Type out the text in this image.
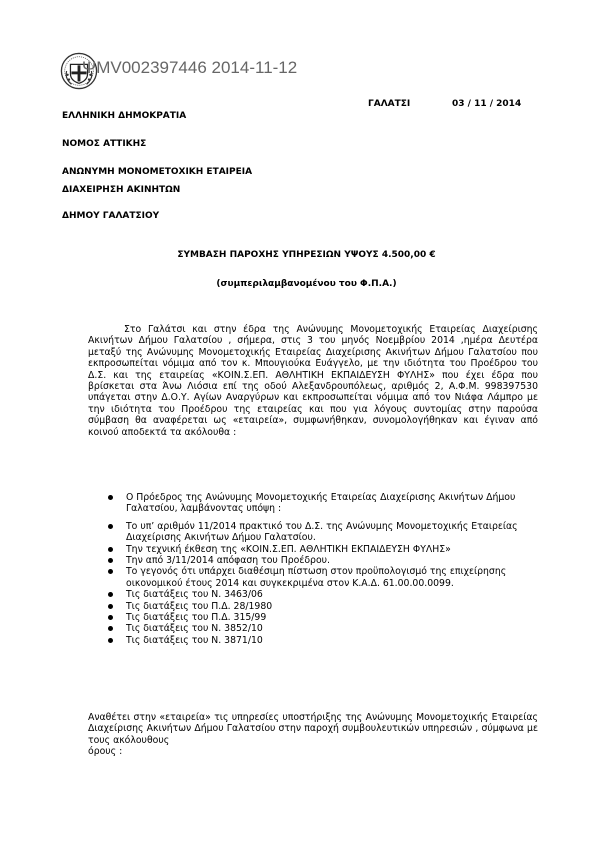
ΨΜV002397446 2014-11-12
ΓΑΛΑΤΣΙ	03 / 11 / 2014
ΕΛΛΗΝΙΚΗ ΔΗΜΟΚΡΑΤΙΑ
ΝΟΜΟΣ ΑΤΤΙΚΗΣ
ΑΝΩΝΥΜΗ ΜΟΝΟΜΕΤΟΧΙΚΗ ΕΤΑΙΡΕΙΑ
ΔΙΑΧΕΙΡΗΣΗ ΑΚΙΝΗΤΩΝ
ΔΗΜΟΥ ΓΑΛΑΤΣΙΟΥ
ΣΥΜΒΑΣΗ ΠΑΡΟΧΗΣ ΥΠΗΡΕΣΙΩΝ ΥΨΟΥΣ 4.500,00 €
(συμπεριλαμβανομένου του Φ.Π.Α.)

Στο Γαλάτσι και στην έδρα της Ανώνυμης Μονομετοχικής Εταιρείας Διαχείρισης Ακινήτων Δήμου Γαλατσίου , σήμερα, στις 3 του μηνός Νοεμβρίου 2014 ,ημέρα Δευτέρα μεταξύ της Ανώνυμης Μονομετοχικής Εταιρείας Διαχείρισης Ακινήτων Δήμου Γαλατσίου που εκπροσωπείται νόμιμα από τον κ. Μπουγιούκα Ευάγγελο, με την ιδιότητα του Προέδρου του Δ.Σ. και της εταιρείας «ΚΟΙΝ.Σ.ΕΠ. ΑΘΛΗΤΙΚΗ ΕΚΠΑΙΔΕΥΣΗ ΦΥΛΗΣ» που έχει έδρα που βρίσκεται στα Άνω Λιόσια επί της οδού Αλεξανδρουπόλεως, αριθμός 2, Α.Φ.Μ. 998397530 υπάγεται στην Δ.Ο.Υ. Αγίων Αναργύρων και εκπροσωπείται νόμιμα από τον Νιάφα Λάμπρο με την ιδιότητα του Προέδρου της εταιρείας και που για λόγους συντομίας στην παρούσα σύμβαση θα αναφέρεται ως «εταιρεία», συμφωνήθηκαν, συνομολογήθηκαν και έγιναν από κοινού αποδεκτά τα ακόλουθα :

Ο Πρόεδρος της Ανώνυμης Μονομετοχικής Εταιρείας Διαχείρισης Ακινήτων Δήμου Γαλατσίου, λαμβάνοντας υπόψη :
Το υπ’ αριθμόν 11/2014 πρακτικό του Δ.Σ. της Ανώνυμης Μονομετοχικής Εταιρείας Διαχείρισης Ακινήτων Δήμου Γαλατσίου.
Την τεχνική έκθεση της «ΚΟΙΝ.Σ.ΕΠ. ΑΘΛΗΤΙΚΗ ΕΚΠΑΙΔΕΥΣΗ ΦΥΛΗΣ»
Την από 3/11/2014 απόφαση του Προέδρου.
Το γεγονός ότι υπάρχει διαθέσιμη πίστωση στον προϋπολογισμό της επιχείρησης οικονομικού έτους 2014 και συγκεκριμένα στον Κ.Α.Δ. 61.00.00.0099.
Τις διατάξεις του Ν. 3463/06
Τις διατάξεις του Π.Δ. 28/1980
Τις διατάξεις του Π.Δ. 315/99
Τις διατάξεις του Ν. 3852/10
Τις διατάξεις του Ν. 3871/10

Αναθέτει στην «εταιρεία» τις υπηρεσίες υποστήριξης της Ανώνυμης Μονομετοχικής Εταιρείας Διαχείρισης Ακινήτων Δήμου Γαλατσίου στην παροχή συμβουλευτικών υπηρεσιών , σύμφωνα με τους ακόλουθους
όρους :
